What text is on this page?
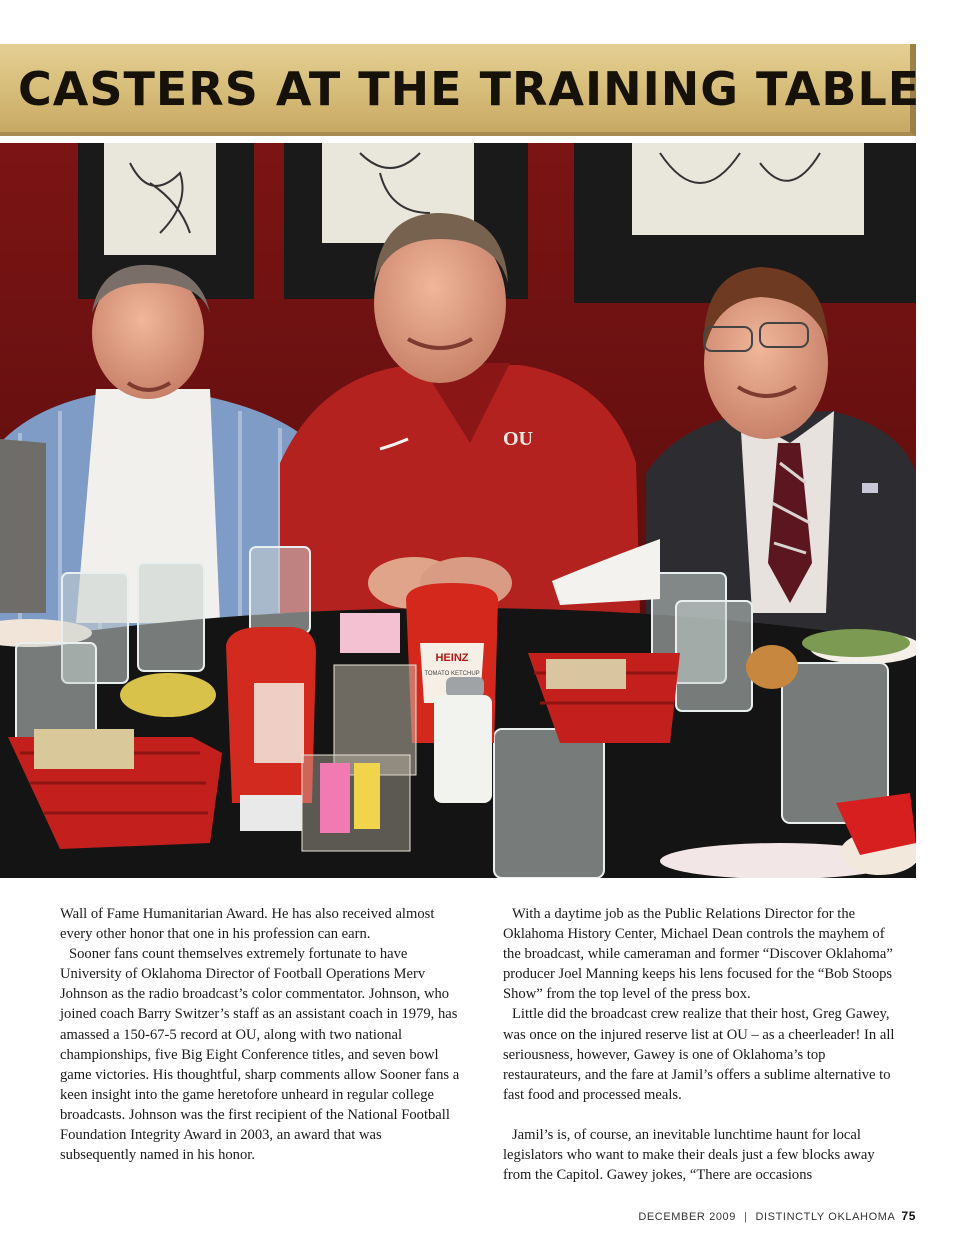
CASTERS AT THE TRAINING TABLE
OU
HEINZ
TOMATO KETCHUP

Wall of Fame Humanitarian Award. He has also received almost every other honor that one in his profession can earn.

Sooner fans count themselves extremely fortunate to have University of Oklahoma Director of Football Operations Merv Johnson as the radio broadcast’s color commentator. Johnson, who joined coach Barry Switzer’s staff as an assistant coach in 1979, has amassed a 150-67-5 record at OU, along with two national championships, five Big Eight Conference titles, and seven bowl game victories. His thoughtful, sharp comments allow Sooner fans a keen insight into the game heretofore unheard in regular college broadcasts. Johnson was the first recipient of the National Football Foundation Integrity Award in 2003, an award that was subsequently named in his honor.

With a daytime job as the Public Relations Director for the Oklahoma History Center, Michael Dean controls the mayhem of the broadcast, while cameraman and former “Discover Oklahoma” producer Joel Manning keeps his lens focused for the “Bob Stoops Show” from the top level of the press box.

Little did the broadcast crew realize that their host, Greg Gawey, was once on the injured reserve list at OU – as a cheerleader! In all seriousness, however, Gawey is one of Oklahoma’s top restaurateurs, and the fare at Jamil’s offers a sublime alternative to fast food and processed meals.

Jamil’s is, of course, an inevitable lunchtime haunt for local legislators who want to make their deals just a few blocks away from the Capitol. Gawey jokes, “There are occasions

DECEMBER 2009 | DISTINCTLY OKLAHOMA 75
